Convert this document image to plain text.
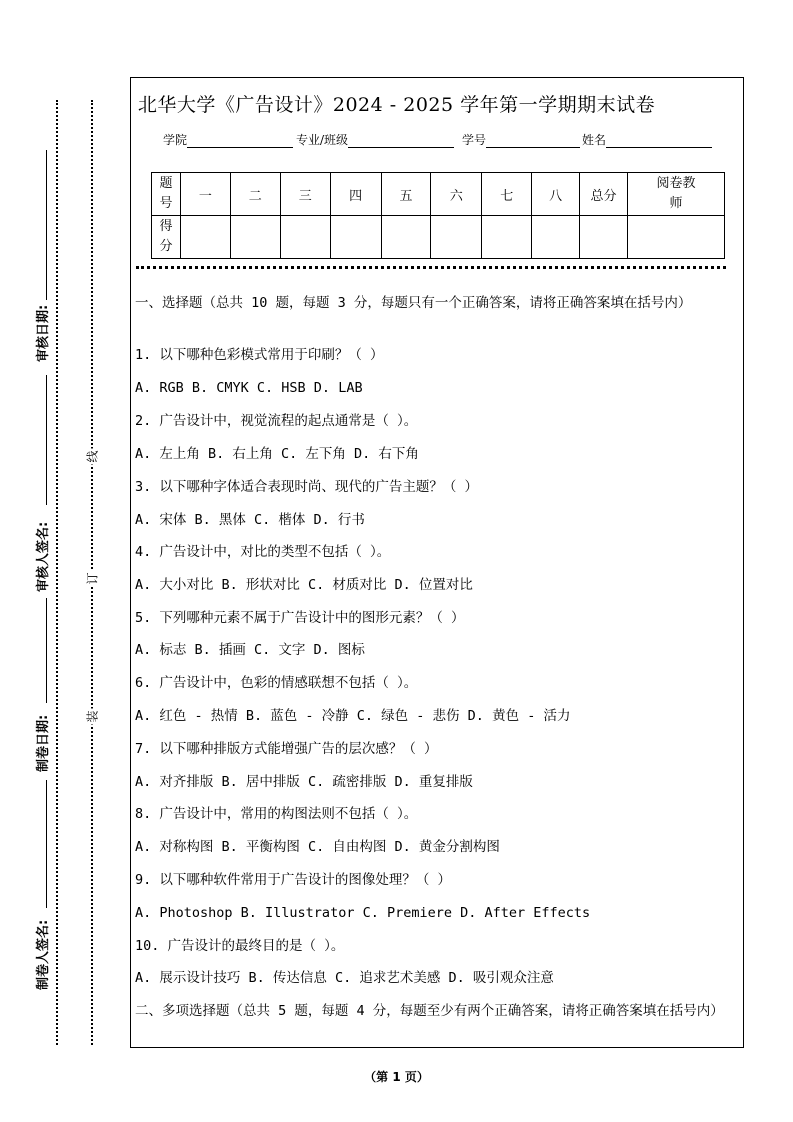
审核日期:
审核人签名:
制卷日期:
制卷人签名:
线
订
装
北华大学《广告设计》2024 - 2025 学年第一学期期末试卷
学院	专业/班级	学号	姓名
题号	一	二	三	四	五	六	七	八	总分	阅卷教师
得分										
一、选择题（总共 10 题，每题 3 分，每题只有一个正确答案，请将正确答案填在括号内）
1. 以下哪种色彩模式常用于印刷？（ ）
A. RGB B. CMYK C. HSB D. LAB
2. 广告设计中，视觉流程的起点通常是（ ）。
A. 左上角 B. 右上角 C. 左下角 D. 右下角
3. 以下哪种字体适合表现时尚、现代的广告主题？（ ）
A. 宋体 B. 黑体 C. 楷体 D. 行书
4. 广告设计中，对比的类型不包括（ ）。
A. 大小对比 B. 形状对比 C. 材质对比 D. 位置对比
5. 下列哪种元素不属于广告设计中的图形元素？（ ）
A. 标志 B. 插画 C. 文字 D. 图标
6. 广告设计中，色彩的情感联想不包括（ ）。
A. 红色 - 热情 B. 蓝色 - 冷静 C. 绿色 - 悲伤 D. 黄色 - 活力
7. 以下哪种排版方式能增强广告的层次感？（ ）
A. 对齐排版 B. 居中排版 C. 疏密排版 D. 重复排版
8. 广告设计中，常用的构图法则不包括（ ）。
A. 对称构图 B. 平衡构图 C. 自由构图 D. 黄金分割构图
9. 以下哪种软件常用于广告设计的图像处理？（ ）
A. Photoshop B. Illustrator C. Premiere D. After Effects
10. 广告设计的最终目的是（ ）。
A. 展示设计技巧 B. 传达信息 C. 追求艺术美感 D. 吸引观众注意
二、多项选择题（总共 5 题，每题 4 分，每题至少有两个正确答案，请将正确答案填在括号内）
（第 1 页）
